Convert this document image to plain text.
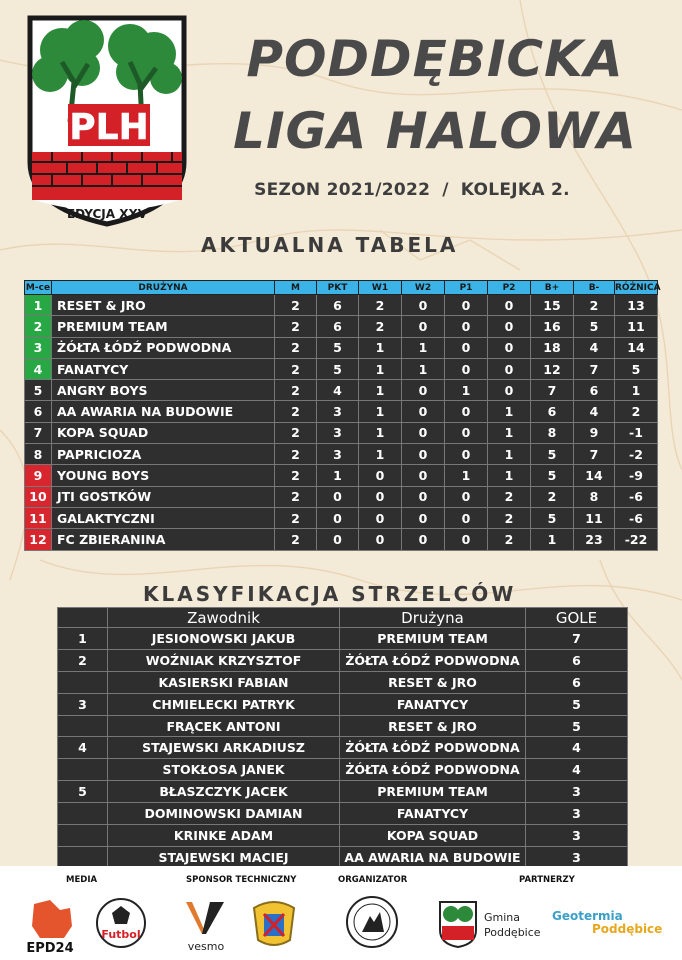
PLH
EDYCJA XXV
PODDĘBICKA
LIGA HALOWA
SEZON 2021/2022 / KOLEJKA 2.
AKTUALNA TABELA
M-ce	DRUŻYNA	M	PKT	W1	W2	P1	P2	B+	B-	RÓŻNICA
1	RESET & JRO	2	6	2	0	0	0	15	2	13
2	PREMIUM TEAM	2	6	2	0	0	0	16	5	11
3	ŻÓŁTA ŁÓDŹ PODWODNA	2	5	1	1	0	0	18	4	14
4	FANATYCY	2	5	1	1	0	0	12	7	5
5	ANGRY BOYS	2	4	1	0	1	0	7	6	1
6	AA AWARIA NA BUDOWIE	2	3	1	0	0	1	6	4	2
7	KOPA SQUAD	2	3	1	0	0	1	8	9	-1
8	PAPRICIOZA	2	3	1	0	0	1	5	7	-2
9	YOUNG BOYS	2	1	0	0	1	1	5	14	-9
10	JTI GOSTKÓW	2	0	0	0	0	2	2	8	-6
11	GALAKTYCZNI	2	0	0	0	0	2	5	11	-6
12	FC ZBIERANINA	2	0	0	0	0	2	1	23	-22
KLASYFIKACJA STRZELCÓW
	Zawodnik	Drużyna	GOLE
1	JESIONOWSKI JAKUB	PREMIUM TEAM	7
2	WOŹNIAK KRZYSZTOF	ŻÓŁTA ŁÓDŹ PODWODNA	6
	KASIERSKI FABIAN	RESET & JRO	6
3	CHMIELECKI PATRYK	FANATYCY	5
	FRĄCEK ANTONI	RESET & JRO	5
4	STAJEWSKI ARKADIUSZ	ŻÓŁTA ŁÓDŹ PODWODNA	4
	STOKŁOSA JANEK	ŻÓŁTA ŁÓDŹ PODWODNA	4
5	BŁASZCZYK JACEK	PREMIUM TEAM	3
	DOMINOWSKI DAMIAN	FANATYCY	3
	KRINKE ADAM	KOPA SQUAD	3
	STAJEWSKI MACIEJ	AA AWARIA NA BUDOWIE	3
MEDIA	SPONSOR TECHNICZNY	ORGANIZATOR	PARTNERZY
EPD24
Futbol
vesmo
Gmina
Poddębice
Geotermia
Poddębice
